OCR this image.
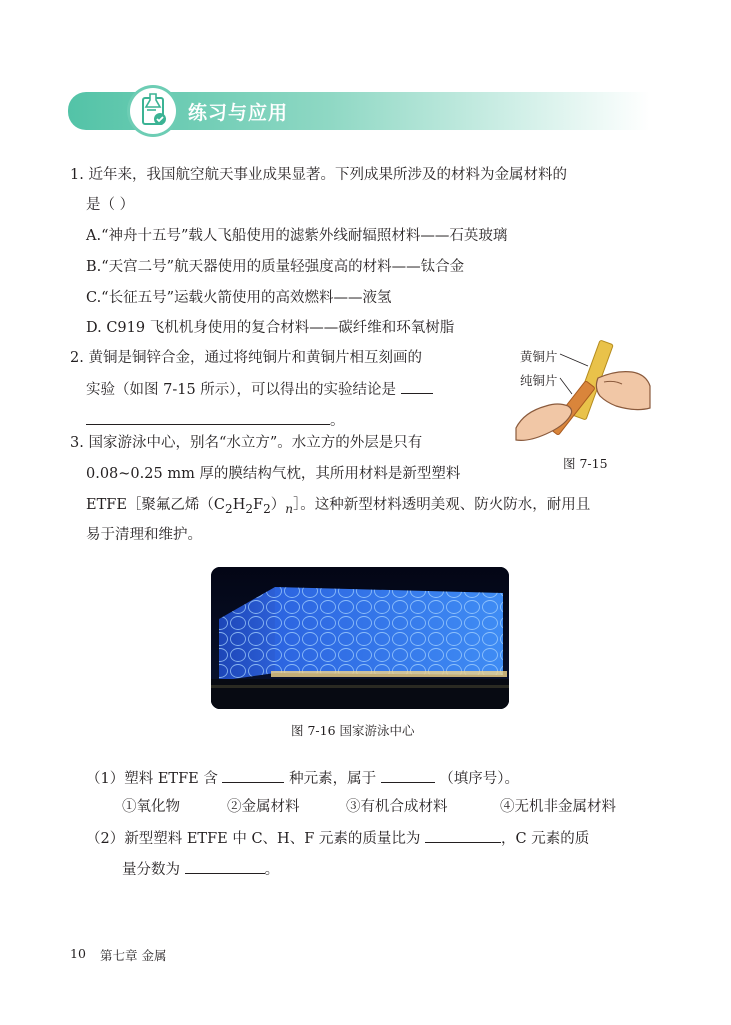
练习与应用
1. 近年来，我国航空航天事业成果显著。下列成果所涉及的材料为金属材料的
是（ ）
A.“神舟十五号”载人飞船使用的滤紫外线耐辐照材料——石英玻璃
B.“天宫二号”航天器使用的质量轻强度高的材料——钛合金
C.“长征五号”运载火箭使用的高效燃料——液氢
D. C919 飞机机身使用的复合材料——碳纤维和环氧树脂
2. 黄铜是铜锌合金，通过将纯铜片和黄铜片相互刻画的
实验（如图 7-15 所示），可以得出的实验结论是
。
黄铜片
纯铜片
图 7-15
3. 国家游泳中心，别名“水立方”。水立方的外层是只有
0.08~0.25 mm 厚的膜结构气枕，其所用材料是新型塑料
ETFE［聚氟乙烯$(C_2H_2F_2)_n]$。这种新型材料透明美观、防火防水，耐用且
易于清理和维护。
图 7-16 国家游泳中心
（1）塑料 ETFE 含	种元素，属于	（填序号）。
①氧化物	②金属材料	③有机合成材料	④无机非金属材料
（2）新型塑料 ETFE 中 C、H、F 元素的质量比为	，C 元素的质
量分数为	。
10 第七章 金属
